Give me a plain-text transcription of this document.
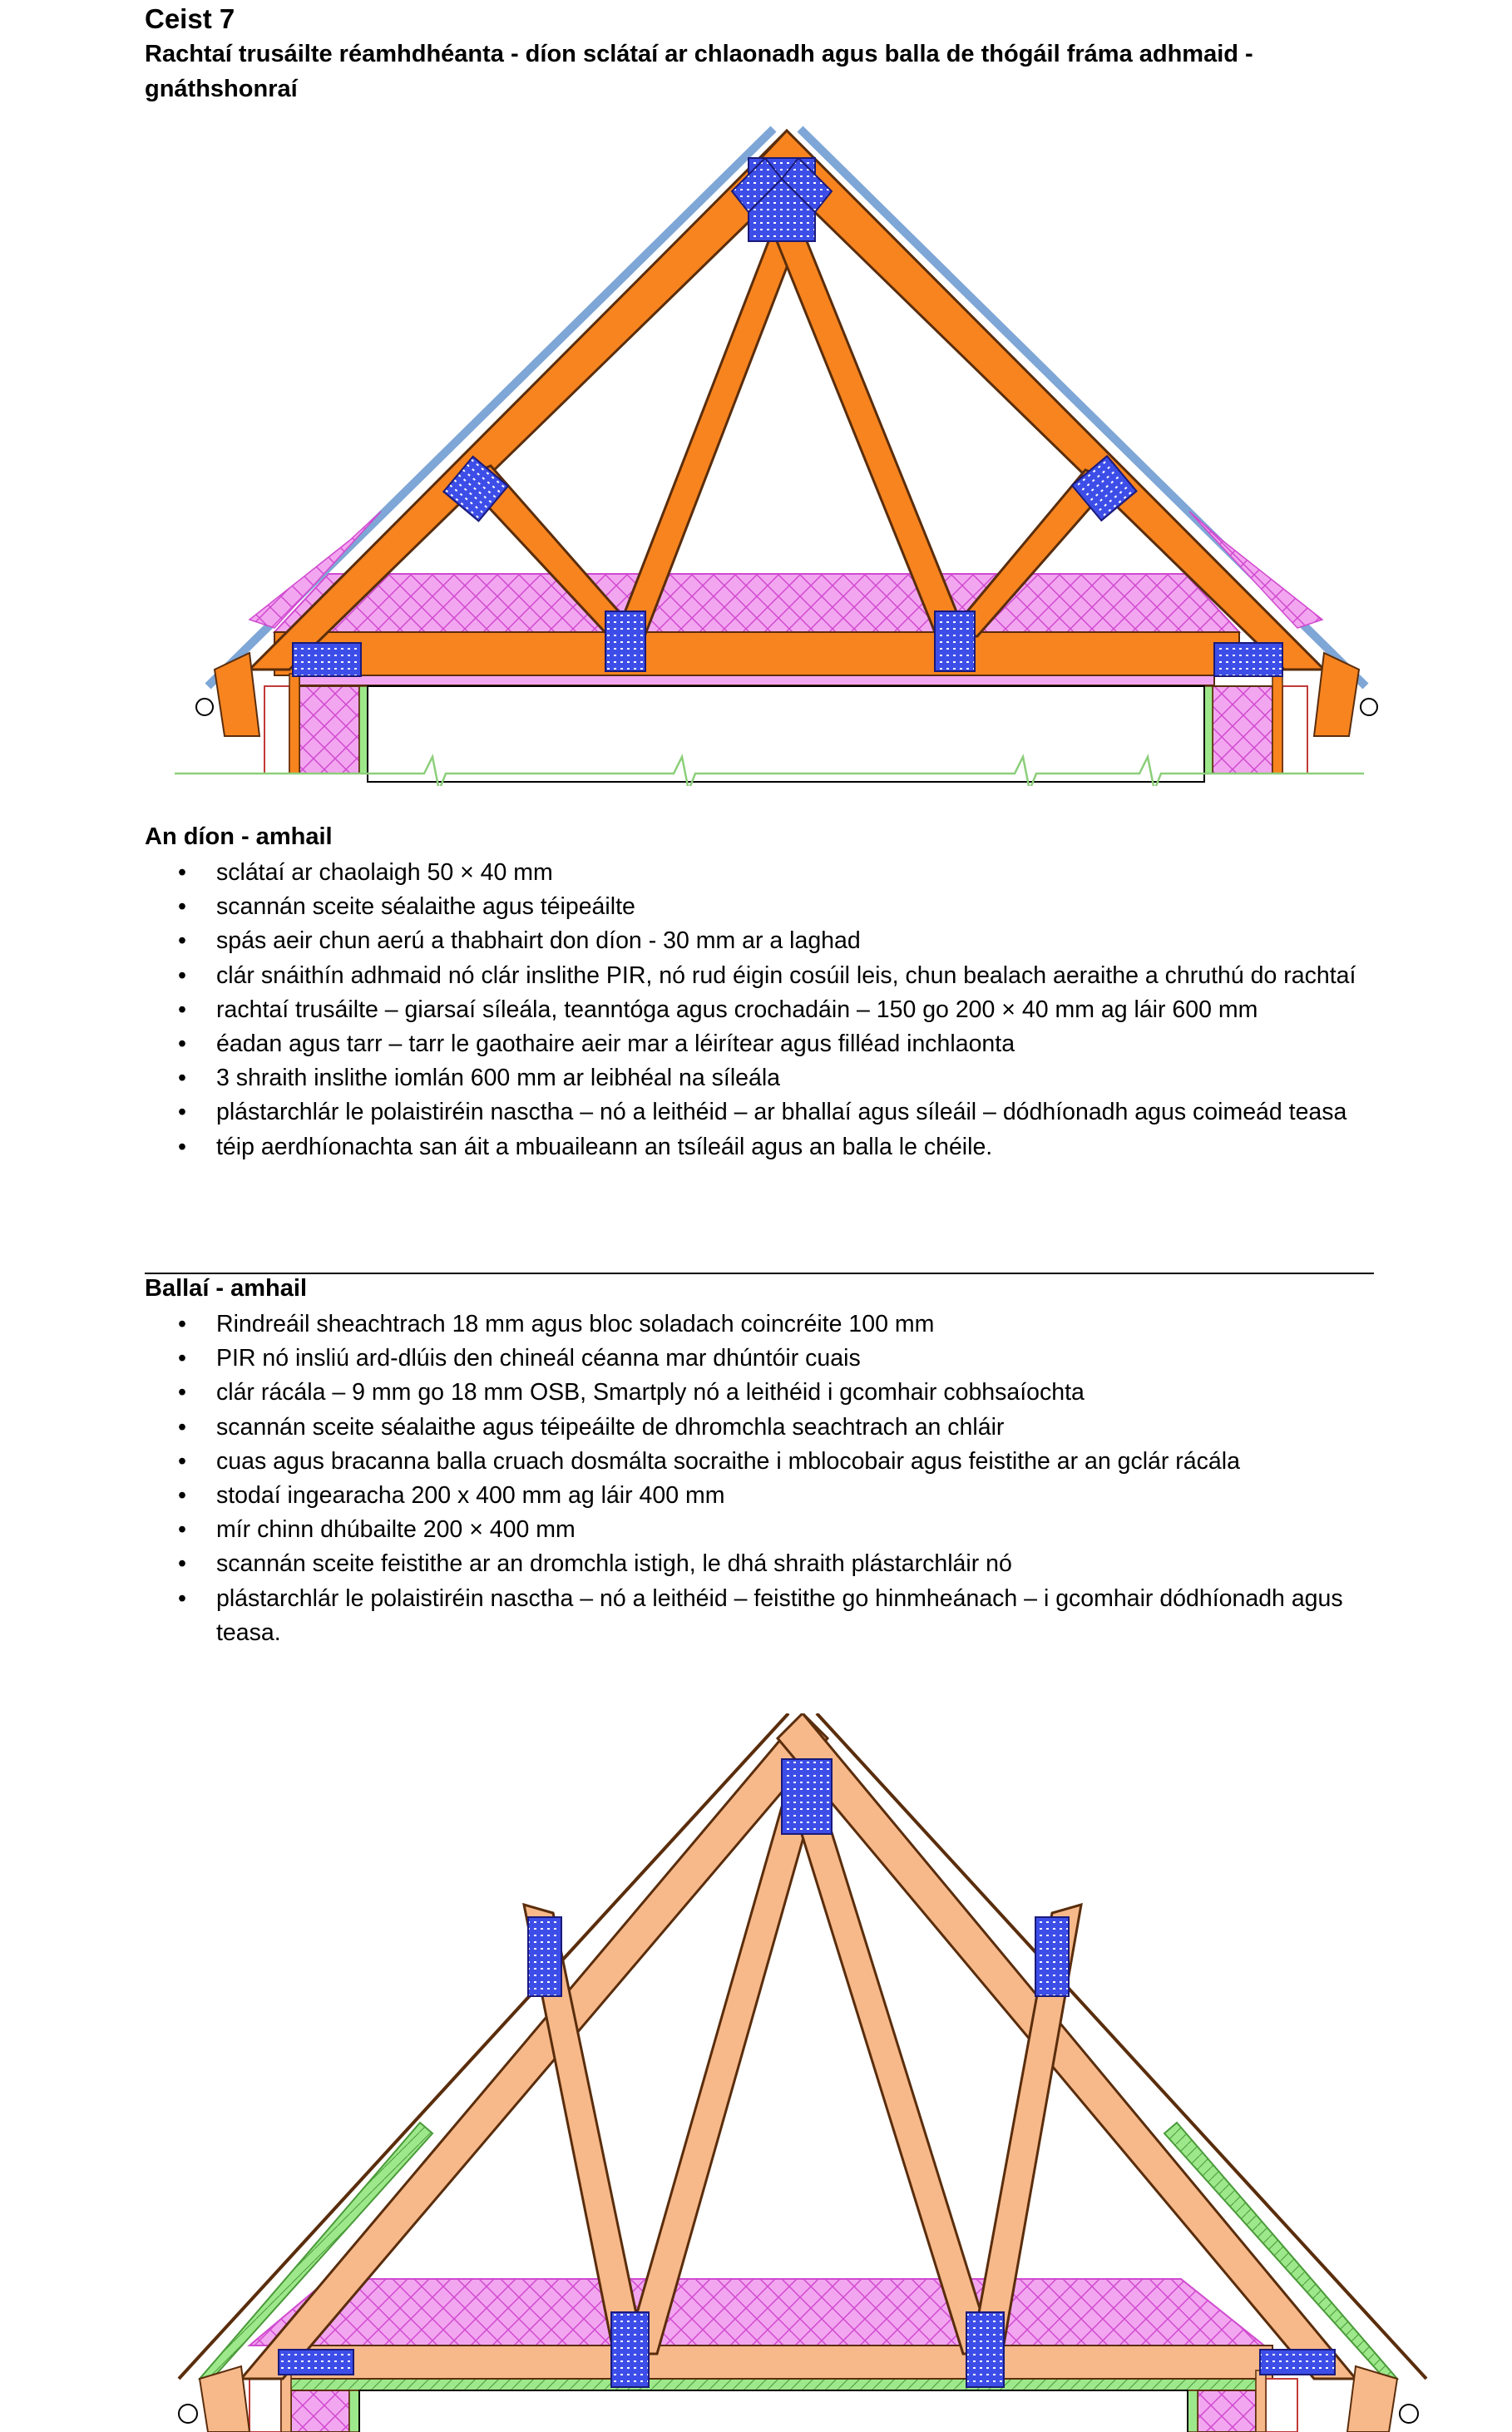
Ceist 7
Rachtaí trusáilte réamhdhéanta - díon sclátaí ar chlaonadh agus balla de thógáil fráma adhmaid - gnáthshonraí
An díon - amhail
• sclátaí ar chaolaigh 50 × 40 mm
• scannán sceite séalaithe agus téipeáilte
• spás aeir chun aerú a thabhairt don díon - 30 mm ar a laghad
• clár snáithín adhmaid nó clár inslithe PIR, nó rud éigin cosúil leis, chun bealach aeraithe a chruthú do rachtaí
• rachtaí trusáilte – giarsaí síleála, teanntóga agus crochadáin – 150 go 200 × 40 mm ag láir 600 mm
• éadan agus tarr – tarr le gaothaire aeir mar a léirítear agus filléad inchlaonta
• 3 shraith inslithe iomlán 600 mm ar leibhéal na síleála
• plástarchlár le polaistiréin nasctha – nó a leithéid – ar bhallaí agus síleáil – dódhíonadh agus coimeád teasa
• téip aerdhíonachta san áit a mbuaileann an tsíleáil agus an balla le chéile.
Ballaí - amhail
• Rindreáil sheachtrach 18 mm agus bloc soladach coincréite 100 mm
• PIR nó insliú ard-dlúis den chineál céanna mar dhúntóir cuais
• clár rácála – 9 mm go 18 mm OSB, Smartply nó a leithéid i gcomhair cobhsaíochta
• scannán sceite séalaithe agus téipeáilte de dhromchla seachtrach an chláir
• cuas agus bracanna balla cruach dosmálta socraithe i mblocobair agus feistithe ar an gclár rácála
• stodaí ingearacha 200 x 400 mm ag láir 400 mm
• mír chinn dhúbailte 200 × 400 mm
• scannán sceite feistithe ar an dromchla istigh, le dhá shraith plástarchláir nó
• plástarchlár le polaistiréin nasctha – nó a leithéid – feistithe go hinmheánach – i gcomhair dódhíonadh agus teasa.
